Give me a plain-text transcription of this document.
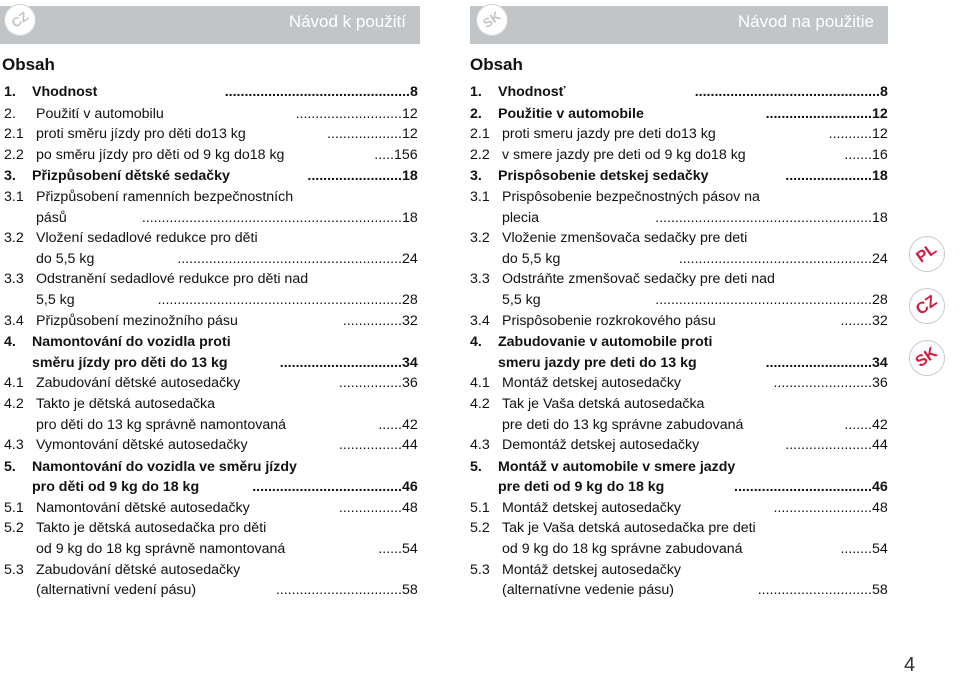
Návod k použití
CZ
Obsah
1. Vhodnost	............................................... 8
2. Použití v automobilu	........................... 12
2.1 proti směru jízdy pro děti do13 kg	................... 12
2.2 po směru jízdy pro děti od 9 kg do18 kg	..... 156
3. Přizpůsobení dětské sedačky	........................ 18
3.1 Přizpůsobení ramenních bezpečnostních
pásů	.................................................................. 18
3.2 Vložení sedadlové redukce pro děti
do 5,5 kg	......................................................... 24
3.3 Odstranění sedadlové redukce pro děti nad
5,5 kg	.............................................................. 28
3.4 Přizpůsobení mezinožního pásu	............... 32
4. Namontování do vozidla proti
směru jízdy pro děti do 13 kg	............................... 34
4.1 Zabudování dětské autosedačky	................ 36
4.2 Takto je dětská autosedačka
pro děti do 13 kg správně namontovaná	...... 42
4.3 Vymontování dětské autosedačky	................ 44
5. Namontování do vozidla ve směru jízdy
pro děti od 9 kg do 18 kg	...................................... 46
5.1 Namontování dětské autosedačky	................ 48
5.2 Takto je dětská autosedačka pro děti
od 9 kg do 18 kg správně namontovaná	...... 54
5.3 Zabudování dětské autosedačky
(alternativní vedení pásu)	................................ 58
Návod na použitie
SK
Obsah
1. Vhodnosť	............................................... 8
2. Použitie v automobile	........................... 12
2.1 proti smeru jazdy pre deti do13 kg	........... 12
2.2 v smere jazdy pre deti od 9 kg do18 kg	....... 16
3. Prispôsobenie detskej sedačky	...................... 18
3.1 Prispôsobenie bezpečnostných pásov na
plecia	....................................................... 18
3.2 Vloženie zmenšovača sedačky pre deti
do 5,5 kg	................................................. 24
3.3 Odstráňte zmenšovač sedačky pre deti nad
5,5 kg	....................................................... 28
3.4 Prispôsobenie rozkrokového pásu	........ 32
4. Zabudovanie v automobile proti
smeru jazdy pre deti do 13 kg	........................... 34
4.1 Montáž detskej autosedačky	......................... 36
4.2 Tak je Vaša detská autosedačka
pre deti do 13 kg správne zabudovaná	....... 42
4.3 Demontáž detskej autosedačky	...................... 44
5. Montáž v automobile v smere jazdy
pre deti od 9 kg do 18 kg	................................... 46
5.1 Montáž detskej autosedačky	......................... 48
5.2 Tak je Vaša detská autosedačka pre deti
od 9 kg do 18 kg správne zabudovaná	........ 54
5.3 Montáž detskej autosedačky
(alternatívne vedenie pásu)	............................. 58
PL
CZ
SK
4
